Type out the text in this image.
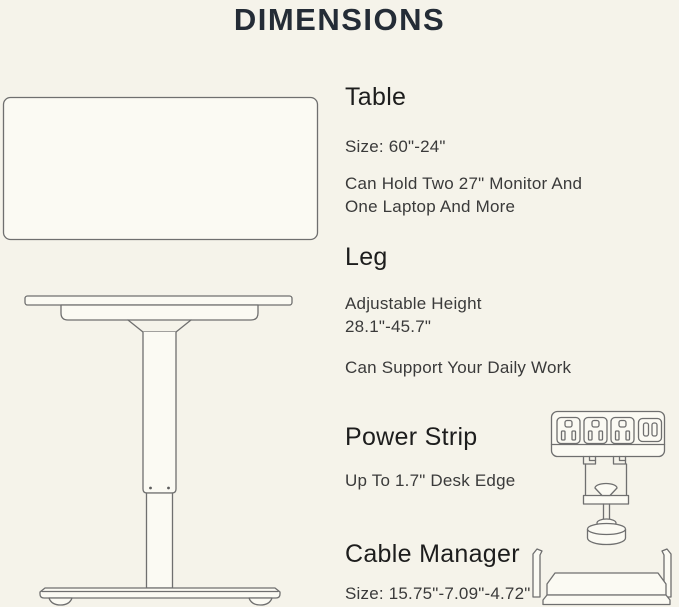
DIMENSIONS
Table
Size: 60"-24"
Can Hold Two 27" Monitor And
One Laptop And More
Leg
Adjustable Height
28.1"-45.7"
Can Support Your Daily Work
Power Strip
Up To 1.7" Desk Edge
Cable Manager
Size: 15.75"-7.09"-4.72"
